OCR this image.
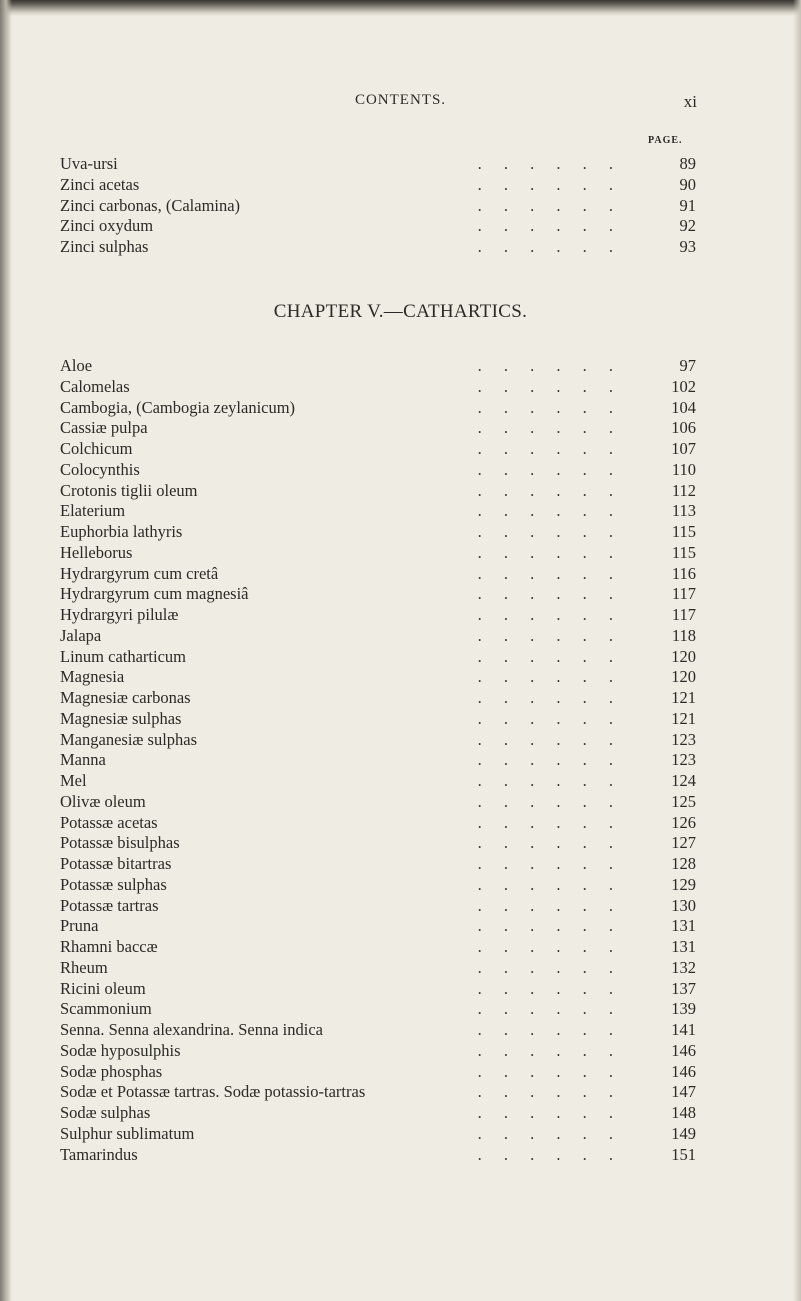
CONTENTS.	xi
PAGE.
Uva-ursi	. . . . . .	89
Zinci acetas	. . . . . .	90
Zinci carbonas, (Calamina)	. . . . . .	91
Zinci oxydum	. . . . . .	92
Zinci sulphas	. . . . . .	93
CHAPTER V.—CATHARTICS.
Aloe	. . . . . .	97
Calomelas	. . . . . .	102
Cambogia, (Cambogia zeylanicum)	. . . . . .	104
Cassiæ pulpa	. . . . . .	106
Colchicum	. . . . . .	107
Colocynthis	. . . . . .	110
Crotonis tiglii oleum	. . . . . .	112
Elaterium	. . . . . .	113
Euphorbia lathyris	. . . . . .	115
Helleborus	. . . . . .	115
Hydrargyrum cum cretâ	. . . . . .	116
Hydrargyrum cum magnesiâ	. . . . . .	117
Hydrargyri pilulæ	. . . . . .	117
Jalapa	. . . . . .	118
Linum catharticum	. . . . . .	120
Magnesia	. . . . . .	120
Magnesiæ carbonas	. . . . . .	121
Magnesiæ sulphas	. . . . . .	121
Manganesiæ sulphas	. . . . . .	123
Manna	. . . . . .	123
Mel	. . . . . .	124
Olivæ oleum	. . . . . .	125
Potassæ acetas	. . . . . .	126
Potassæ bisulphas	. . . . . .	127
Potassæ bitartras	. . . . . .	128
Potassæ sulphas	. . . . . .	129
Potassæ tartras	. . . . . .	130
Pruna	. . . . . .	131
Rhamni baccæ	. . . . . .	131
Rheum	. . . . . .	132
Ricini oleum	. . . . . .	137
Scammonium	. . . . . .	139
Senna. Senna alexandrina. Senna indica	. . . . . .	141
Sodæ hyposulphis	. . . . . .	146
Sodæ phosphas	. . . . . .	146
Sodæ et Potassæ tartras. Sodæ potassio-tartras	. . . . . .	147
Sodæ sulphas	. . . . . .	148
Sulphur sublimatum	. . . . . .	149
Tamarindus	. . . . . .	151
